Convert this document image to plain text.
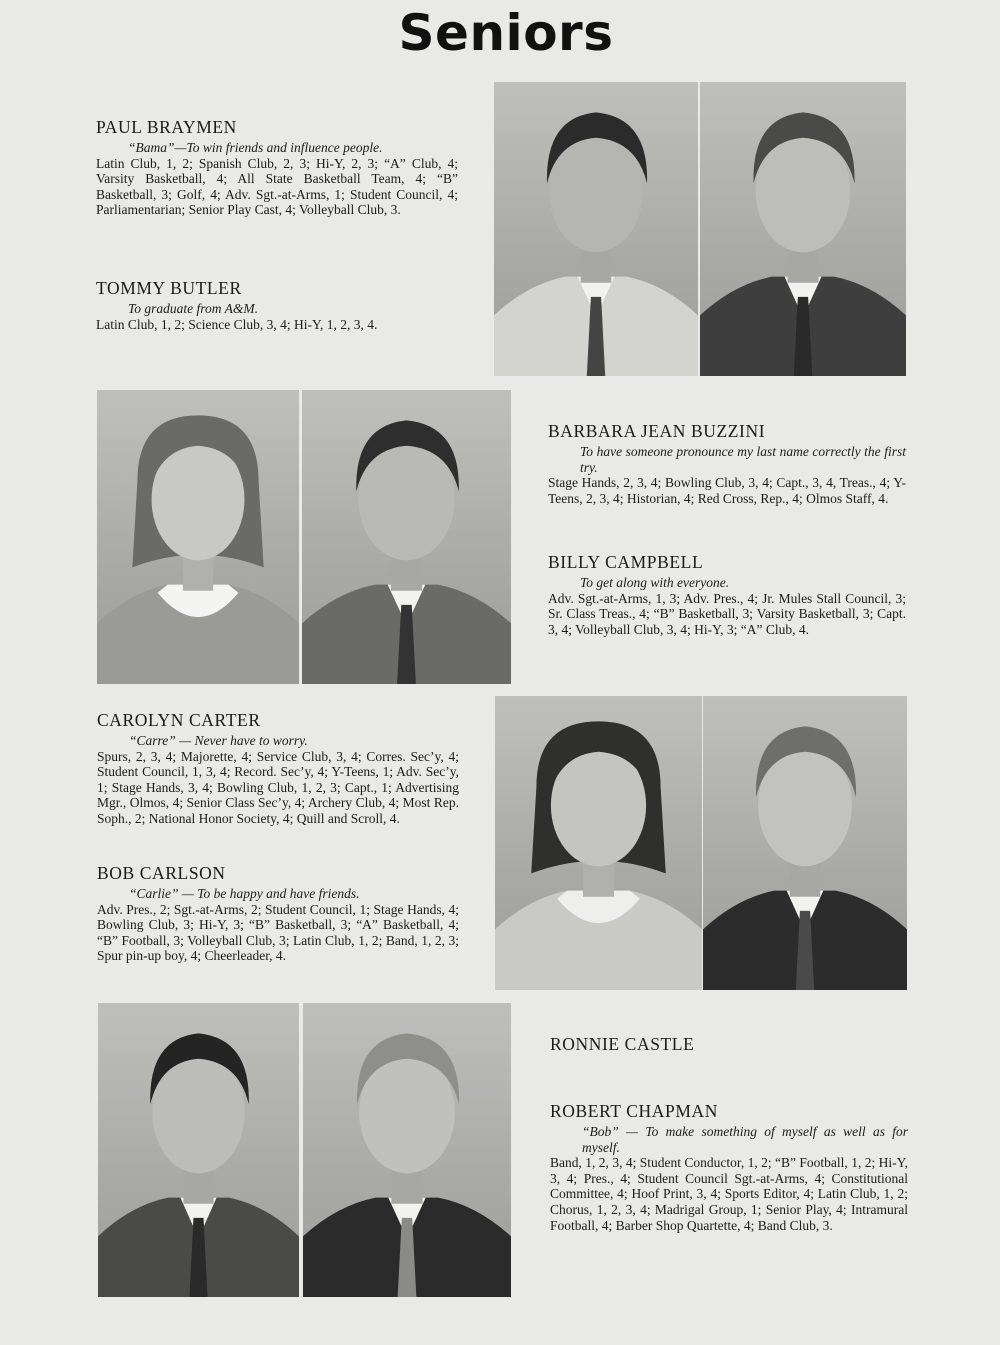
Seniors
PAUL BRAYMEN
“Bama”—To win friends and influence people.
Latin Club, 1, 2; Spanish Club, 2, 3; Hi-Y, 2, 3; “A” Club, 4; Varsity Basketball, 4; All State Basketball Team, 4; “B” Basketball, 3; Golf, 4; Adv. Sgt.-at-Arms, 1; Student Council, 4; Parliamentarian; Senior Play Cast, 4; Volleyball Club, 3.
TOMMY BUTLER
To graduate from A&M.
Latin Club, 1, 2; Science Club, 3, 4; Hi-Y, 1, 2, 3, 4.
BARBARA JEAN BUZZINI
To have someone pronounce my last name correctly the first try.
Stage Hands, 2, 3, 4; Bowling Club, 3, 4; Capt., 3, 4, Treas., 4; Y-Teens, 2, 3, 4; Historian, 4; Red Cross, Rep., 4; Olmos Staff, 4.
BILLY CAMPBELL
To get along with everyone.
Adv. Sgt.-at-Arms, 1, 3; Adv. Pres., 4; Jr. Mules Stall Council, 3; Sr. Class Treas., 4; “B” Basketball, 3; Varsity Basketball, 3; Capt. 3, 4; Volleyball Club, 3, 4; Hi-Y, 3; “A” Club, 4.
CAROLYN CARTER
“Carre” — Never have to worry.
Spurs, 2, 3, 4; Majorette, 4; Service Club, 3, 4; Corres. Sec’y, 4; Student Council, 1, 3, 4; Record. Sec’y, 4; Y-Teens, 1; Adv. Sec’y, 1; Stage Hands, 3, 4; Bowling Club, 1, 2, 3; Capt., 1; Advertising Mgr., Olmos, 4; Senior Class Sec’y, 4; Archery Club, 4; Most Rep. Soph., 2; National Honor Society, 4; Quill and Scroll, 4.
BOB CARLSON
“Carlie” — To be happy and have friends.
Adv. Pres., 2; Sgt.-at-Arms, 2; Student Council, 1; Stage Hands, 4; Bowling Club, 3; Hi-Y, 3; “B” Basketball, 3; “A” Basketball, 4; “B” Football, 3; Volleyball Club, 3; Latin Club, 1, 2; Band, 1, 2, 3; Spur pin-up boy, 4; Cheerleader, 4.
RONNIE CASTLE
ROBERT CHAPMAN
“Bob” — To make something of myself as well as for myself.
Band, 1, 2, 3, 4; Student Conductor, 1, 2; “B” Football, 1, 2; Hi-Y, 3, 4; Pres., 4; Student Council Sgt.-at-Arms, 4; Constitutional Committee, 4; Hoof Print, 3, 4; Sports Editor, 4; Latin Club, 1, 2; Chorus, 1, 2, 3, 4; Madrigal Group, 1; Senior Play, 4; Intramural Football, 4; Barber Shop Quartette, 4; Band Club, 3.
